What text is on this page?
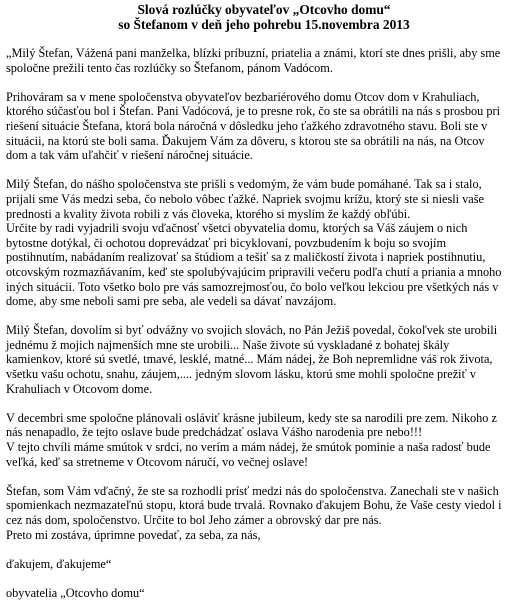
Slová rozlúčky obyvateľov „Otcovho domu“
so Štefanom v deň jeho pohrebu 15.novembra 2013
„Milý Štefan, Vážená pani manželka, blízki príbuzní, priatelia a známi, ktorí ste dnes prišli, aby sme
spoločne prežili tento čas rozlúčky so Štefanom, pánom Vadócom.
Prihováram sa v mene spoločenstva obyvateľov bezbariérového domu Otcov dom v Krahuliach,
ktorého súčasťou bol i Štefan. Pani Vadócová, je to presne rok, čo ste sa obrátili na nás s prosbou pri
riešení situácie Štefana, ktorá bola náročná v dôsledku jeho ťažkého zdravotného stavu. Boli ste v
situácii, na ktorú ste boli sama. Ďakujem Vám za dôveru, s ktorou ste sa obrátili na nás, na Otcov
dom a tak vám uľahčiť v riešení náročnej situácie.
Milý Štefan, do nášho spoločenstva ste prišli s vedomým, že vám bude pomáhané. Tak sa i stalo,
prijali sme Vás medzi seba, čo nebolo vôbec ťažké. Napriek svojmu krížu, ktorý ste si niesli vaše
prednosti a kvality života robili z vás človeka, ktorého si myslím že každý obľúbi.
Určite by radi vyjadrili svoju vďačnosť všetci obyvatelia domu, ktorých sa Váš záujem o nich
bytostne dotýkal, či ochotou doprevádzať pri bicyklovaní, povzbudením k boju so svojím
postihnutím, nabádaním realizovať sa štúdiom a tešiť sa z maličkostí života i napriek postihnutiu,
otcovským rozmazňávaním, keď ste spolubývajúcim pripravili večeru podľa chutí a priania a mnoho
iných situácii. Toto všetko bolo pre vás samozrejmosťou, čo bolo veľkou lekciou pre všetkých nás v
dome, aby sme neboli sami pre seba, ale vedeli sa dávať navzájom.
Milý Štefan, dovolím si byť odvážny vo svojich slovách, no Pán Ježiš povedal, čokoľvek ste urobili
jednému ž mojich najmenších mne ste urobili... Naše živote sú vyskladané z bohatej škály
kamienkov, ktoré sú svetlé, tmavé, lesklé, matné... Mám nádej, že Boh nepremlidne váš rok života,
všetku vašu ochotu, snahu, záujem,.... jedným slovom lásku, ktorú sme mohli spoločne prežiť v
Krahuliach v Otcovom dome.
V decembri sme spoločne plánovali osláviť krásne jubileum, kedy ste sa narodili pre zem. Nikoho z
nás nenapadlo, že tejto oslave bude predchádzať oslava Vášho narodenia pre nebo!!!
V tejto chvíli máme smútok v srdci, no verím a mám nádej, že smútok pominie a naša radosť bude
veľká, keď sa stretneme v Otcovom náručí, vo večnej oslave!
Štefan, som Vám vďačný, že ste sa rozhodli prísť medzi nás do spoločenstva. Zanechali ste v našich
spomienkach nezmazateľnú stopu, ktorá bude trvalá. Rovnako ďakujem Bohu, že Vaše cesty viedol i
cez nás dom, spoločenstvo. Určite to bol Jeho zámer a obrovský dar pre nás.
Preto mi zostáva, úprimne povedať, za seba, za nás,
ďakujem, ďakujeme“
obyvatelia „Otcovho domu“
